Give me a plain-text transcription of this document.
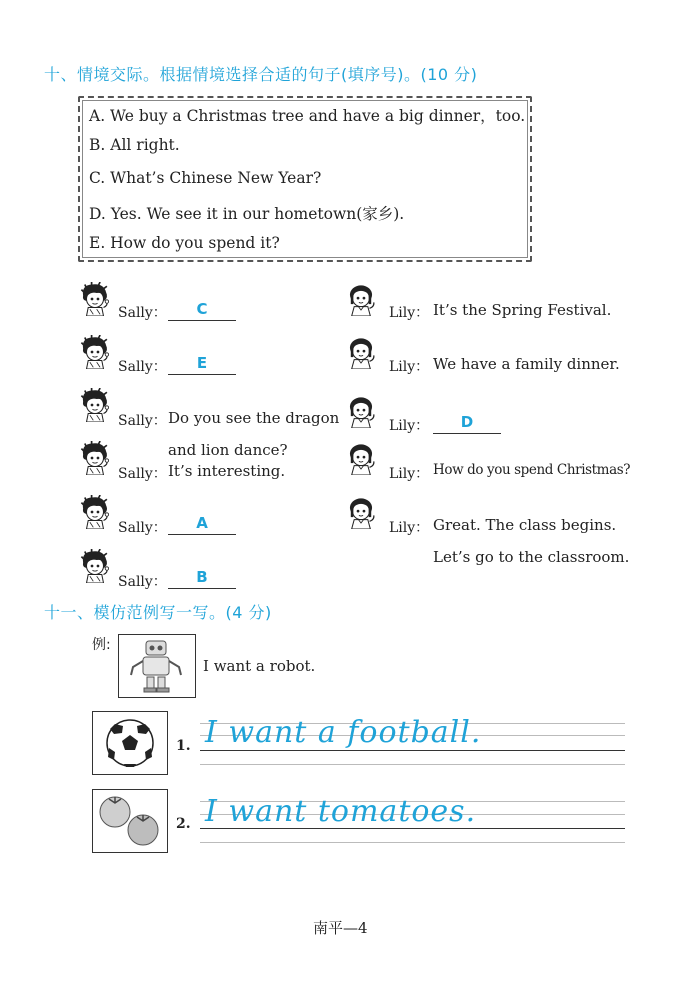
十、情境交际。根据情境选择合适的句子(填序号)。(10 分)
A. We buy a Christmas tree and have a big dinner，too.
B. All right.
C. What’s Chinese New Year?
D. Yes. We see it in our hometown(家乡).
E. How do you spend it?
Sally：	C	Lily： It’s the Spring Festival.
Sally：	E	Lily： We have a family dinner.
Sally： Do you see the dragon
and lion dance?
Lily：	D
Sally： It’s interesting.	Lily： How do you spend Christmas?
Sally：	A	Lily： Great. The class begins.
Let’s go to the classroom.
Sally：	B
十一、模仿范例写一写。(4 分)
例:
I want a robot.
1. I want a football.
2. I want tomatoes.
南平—4
